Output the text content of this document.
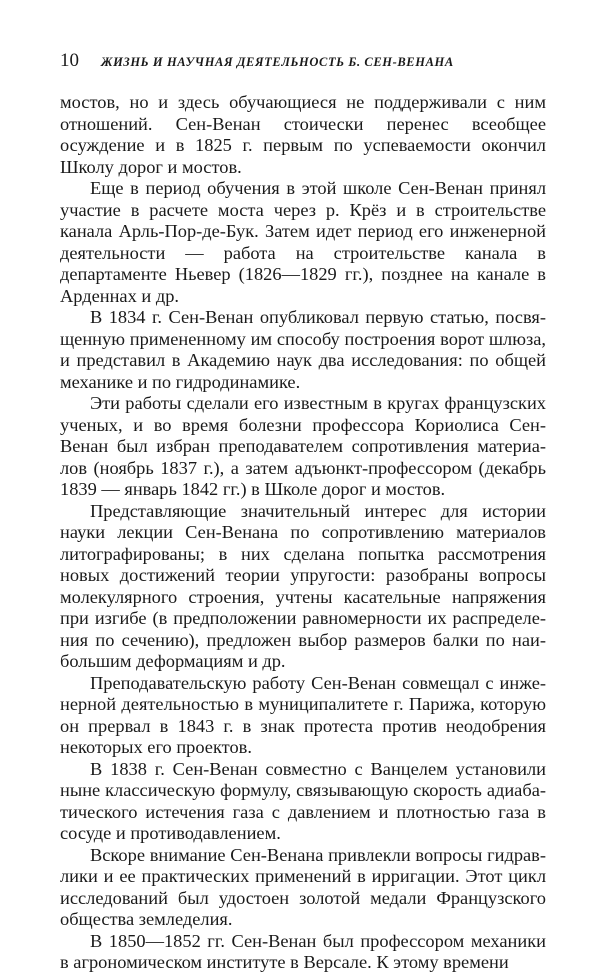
10 ЖИЗНЬ И НАУЧНАЯ ДЕЯТЕЛЬНОСТЬ Б. СЕН-ВЕНАНА

мостов, но и здесь обучающиеся не поддерживали с ним отношений. Сен-Венан стоически перенес всеобщее осуждение и в 1825 г. первым по успеваемости окончил Школу дорог и мостов.

Еще в период обучения в этой школе Сен-Венан принял участие в расчете моста через р. Крёз и в строительстве канала Арль-Пор-де-Бук. Затем идет период его инженерной деятельности — работа на строительстве канала в департаменте Ньевер (1826—1829 гг.), позднее на канале в Арденнах и др.

В 1834 г. Сен-Венан опубликовал первую статью, посвященную примененному им способу построения ворот шлюза, и представил в Академию наук два исследования: по общей механике и по гидродинамике.

Эти работы сделали его известным в кругах французских ученых, и во время болезни профессора Кориолиса Сен-Венан был избран преподавателем сопротивления материалов (ноябрь 1837 г.), а затем адъюнкт-профессором (декабрь 1839 — январь 1842 гг.) в Школе дорог и мостов.

Представляющие значительный интерес для истории науки лекции Сен-Венана по сопротивлению материалов литографированы; в них сделана попытка рассмотрения новых достижений теории упругости: разобраны вопросы молекулярного строения, учтены касательные напряжения при изгибе (в предположении равномерности их распределения по сечению), предложен выбор размеров балки по наибольшим деформациям и др.

Преподавательскую работу Сен-Венан совмещал с инженерной деятельностью в муниципалитете г. Парижа, которую он прервал в 1843 г. в знак протеста против неодобрения некоторых его проектов.

В 1838 г. Сен-Венан совместно с Ванцелем установили ныне классическую формулу, связывающую скорость адиабатического истечения газа с давлением и плотностью газа в сосуде и противодавлением.

Вскоре внимание Сен-Венана привлекли вопросы гидравлики и ее практических применений в ирригации. Этот цикл исследований был удостоен золотой медали Французского общества земледелия.

В 1850—1852 гг. Сен-Венан был профессором механики в агрономическом институте в Версале. К этому времени
